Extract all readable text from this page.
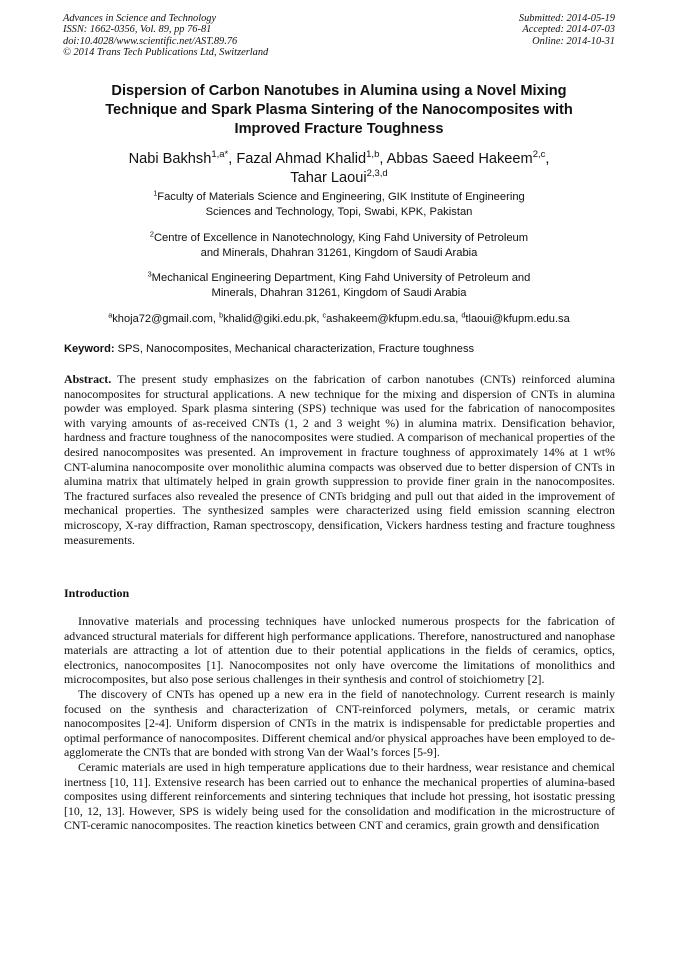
Advances in Science and Technology
ISSN: 1662-0356, Vol. 89, pp 76-81
doi:10.4028/www.scientific.net/AST.89.76
© 2014 Trans Tech Publications Ltd, Switzerland
Submitted: 2014-05-19
Accepted: 2014-07-03
Online: 2014-10-31
Dispersion of Carbon Nanotubes in Alumina using a Novel Mixing
Technique and Spark Plasma Sintering of the Nanocomposites with
Improved Fracture Toughness
Nabi Bakhsh$^{1,a*}$, Fazal Ahmad Khalid$^{1,b}$, Abbas Saeed Hakeem$^{2,c}$,
Tahar Laoui$^{2,3,d}$
$^1$Faculty of Materials Science and Engineering, GIK Institute of Engineering
Sciences and Technology, Topi, Swabi, KPK, Pakistan
$^2$Centre of Excellence in Nanotechnology, King Fahd University of Petroleum
and Minerals, Dhahran 31261, Kingdom of Saudi Arabia
$^3$Mechanical Engineering Department, King Fahd University of Petroleum and
Minerals, Dhahran 31261, Kingdom of Saudi Arabia
$^a$khoja72@gmail.com, $^b$khalid@giki.edu.pk, $^c$ashakeem@kfupm.edu.sa, $^d$tlaoui@kfupm.edu.sa
Keyword: SPS, Nanocomposites, Mechanical characterization, Fracture toughness

Abstract. The present study emphasizes on the fabrication of carbon nanotubes (CNTs) reinforced alumina nanocomposites for structural applications. A new technique for the mixing and dispersion of CNTs in alumina powder was employed. Spark plasma sintering (SPS) technique was used for the fabrication of nanocomposites with varying amounts of as-received CNTs (1, 2 and 3 weight %) in alumina matrix. Densification behavior, hardness and fracture toughness of the nanocomposites were studied. A comparison of mechanical properties of the desired nanocomposites was presented. An improvement in fracture toughness of approximately 14% at 1 wt% CNT-alumina nanocomposite over monolithic alumina compacts was observed due to better dispersion of CNTs in alumina matrix that ultimately helped in grain growth suppression to provide finer grain in the nanocomposites. The fractured surfaces also revealed the presence of CNTs bridging and pull out that aided in the improvement of mechanical properties. The synthesized samples were characterized using field emission scanning electron microscopy, X-ray diffraction, Raman spectroscopy, densification, Vickers hardness testing and fracture toughness measurements.

Introduction

Innovative materials and processing techniques have unlocked numerous prospects for the fabrication of advanced structural materials for different high performance applications. Therefore, nanostructured and nanophase materials are attracting a lot of attention due to their potential applications in the fields of ceramics, optics, electronics, nanocomposites [1]. Nanocomposites not only have overcome the limitations of monolithics and microcomposites, but also pose serious challenges in their synthesis and control of stoichiometry [2].

The discovery of CNTs has opened up a new era in the field of nanotechnology. Current research is mainly focused on the synthesis and characterization of CNT-reinforced polymers, metals, or ceramic matrix nanocomposites [2-4]. Uniform dispersion of CNTs in the matrix is indispensable for predictable properties and optimal performance of nanocomposites. Different chemical and/or physical approaches have been employed to de-agglomerate the CNTs that are bonded with strong Van der Waal’s forces [5-9].

Ceramic materials are used in high temperature applications due to their hardness, wear resistance and chemical inertness [10, 11]. Extensive research has been carried out to enhance the mechanical properties of alumina-based composites using different reinforcements and sintering techniques that include hot pressing, hot isostatic pressing [10, 12, 13]. However, SPS is widely being used for the consolidation and modification in the microstructure of CNT-ceramic nanocomposites. The reaction kinetics between CNT and ceramics, grain growth and densification
